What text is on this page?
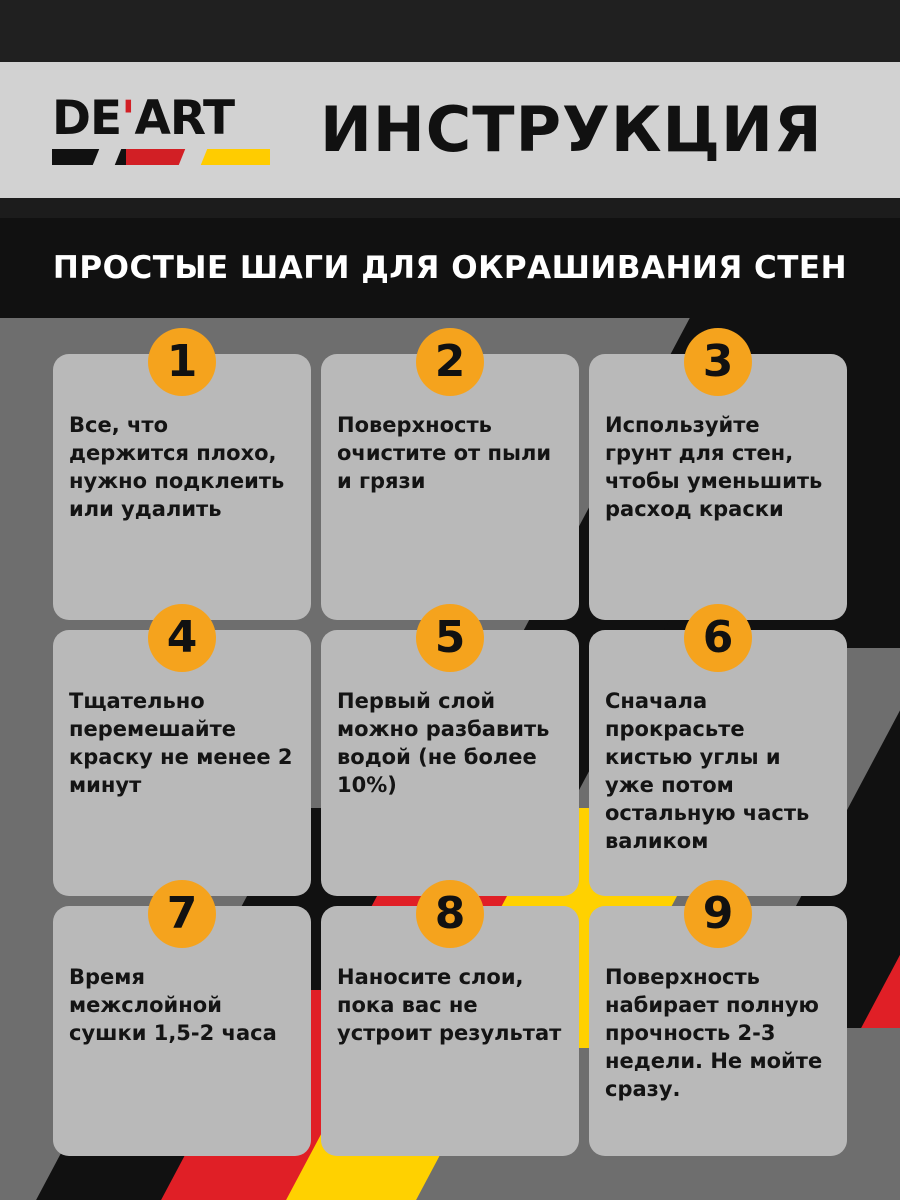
DE'ART	ИНСТРУКЦИЯ
ПРОСТЫЕ ШАГИ ДЛЯ ОКРАШИВАНИЯ СТЕН
1
Все, что держится плохо, нужно подклеить или удалить
2
Поверхность очистите от пыли и грязи
3
Используйте грунт для стен, чтобы уменьшить расход краски
4
Тщательно перемешайте краску не менее 2 минут
5
Первый слой можно разбавить водой (не более 10%)
6
Сначала прокрасьте кистью углы и уже потом остальную часть валиком
7
Время межслойной сушки 1,5-2 часа
8
Наносите слои, пока вас не устроит результат
9
Поверхность набирает полную прочность 2-3 недели. Не мойте сразу.
